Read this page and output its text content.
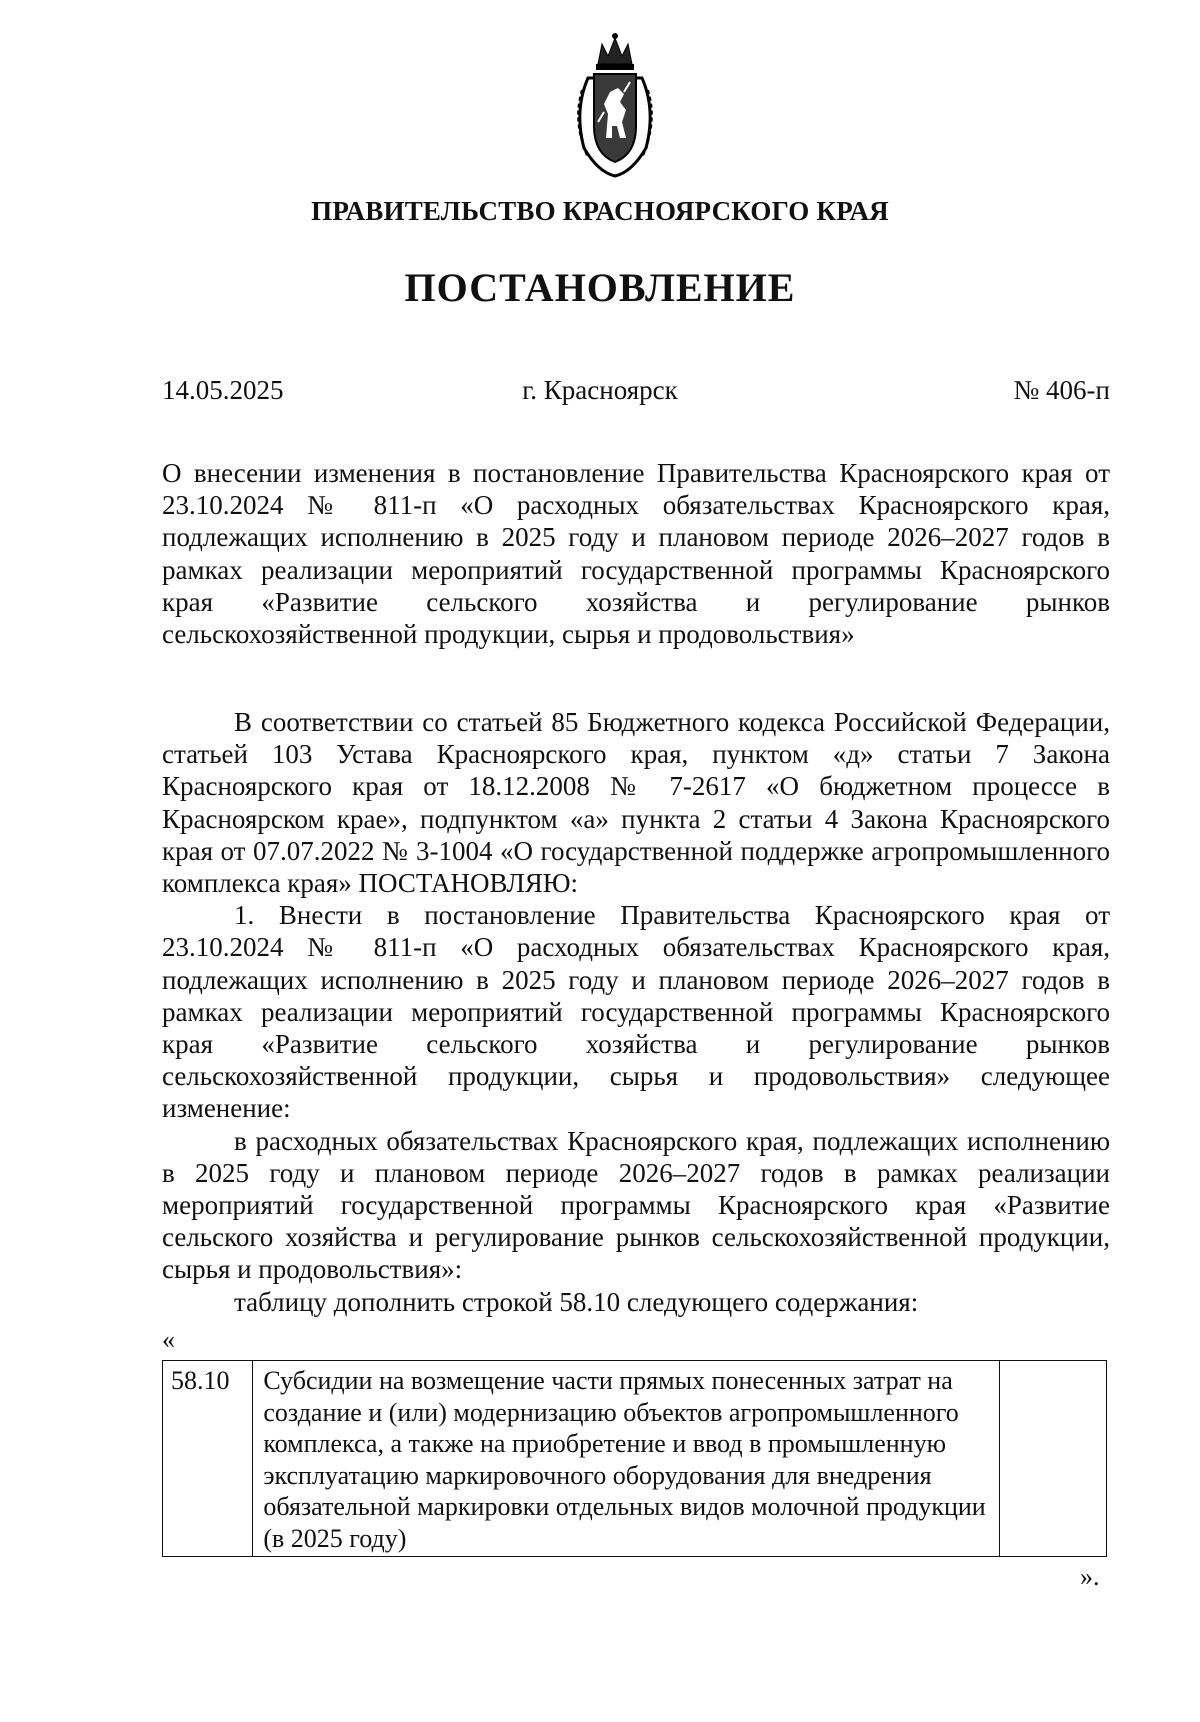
ПРАВИТЕЛЬСТВО КРАСНОЯРСКОГО КРАЯ
ПОСТАНОВЛЕНИЕ
г. Красноярск
14.05.2025	№ 406-п

О внесении изменения в постановление Правительства Красноярского края от 23.10.2024 № 811-п «О расходных обязательствах Красноярского края, подлежащих исполнению в 2025 году и плановом периоде 2026–2027 годов в рамках реализации мероприятий государственной программы Красноярского края «Развитие сельского хозяйства и регулирование рынков сельскохозяйственной продукции, сырья и продовольствия»

В соответствии со статьей 85 Бюджетного кодекса Российской Федерации, статьей 103 Устава Красноярского края, пунктом «д» статьи 7 Закона Красноярского края от 18.12.2008 № 7-2617 «О бюджетном процессе в Красноярском крае», подпунктом «а» пункта 2 статьи 4 Закона Красноярского края от 07.07.2022 № 3-1004 «О государственной поддержке агропромышленного комплекса края» ПОСТАНОВЛЯЮ:

1. Внести в постановление Правительства Красноярского края от 23.10.2024 № 811-п «О расходных обязательствах Красноярского края, подлежащих исполнению в 2025 году и плановом периоде 2026–2027 годов в рамках реализации мероприятий государственной программы Красноярского края «Развитие сельского хозяйства и регулирование рынков сельскохозяйственной продукции, сырья и продовольствия» следующее изменение:

в расходных обязательствах Красноярского края, подлежащих исполнению в 2025 году и плановом периоде 2026–2027 годов в рамках реализации мероприятий государственной программы Красноярского края «Развитие сельского хозяйства и регулирование рынков сельскохозяйственной продукции, сырья и продовольствия»:

таблицу дополнить строкой 58.10 следующего содержания:

«
58.10	Субсидии на возмещение части прямых понесенных затрат на создание и (или) модернизацию объектов агропромышленного комплекса, а также на приобретение и ввод в промышленную эксплуатацию маркировочного оборудования для внедрения обязательной маркировки отдельных видов молочной продукции (в 2025 году)	
».
